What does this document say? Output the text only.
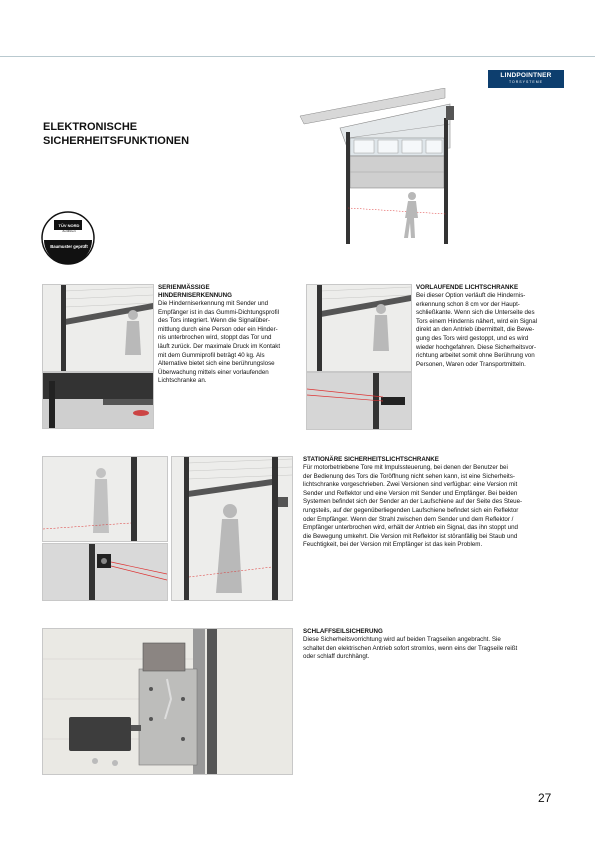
LINDPOINTNER
TORSYSTEME
ELEKTRONISCHE
SICHERHEITSFUNKTIONEN
TÜV NORD
Zertifiziert
Baumuster geprüft
SERIENMÄSSIGE
HINDERNISERKENNUNG
Die Hinderniserkennung mit Sender und
Empfänger ist in das Gummi-Dichtungsprofil
des Tors integriert. Wenn die Signalüber-
mittlung durch eine Person oder ein Hinder-
nis unterbrochen wird, stoppt das Tor und
läuft zurück. Der maximale Druck im Kontakt
mit dem Gummiprofil beträgt 40 kg. Als
Alternative bietet sich eine berührungslose
Überwachung mittels einer vorlaufenden
Lichtschranke an.
VORLAUFENDE LICHTSCHRANKE
Bei dieser Option verläuft die Hindernis-
erkennung schon 8 cm vor der Haupt-
schließkante. Wenn sich die Unterseite des
Tors einem Hindernis nähert, wird ein Signal
direkt an den Antrieb übermittelt, die Bewe-
gung des Tors wird gestoppt, und es wird
wieder hochgefahren. Diese Sicherheitsvor-
richtung arbeitet somit ohne Berührung von
Personen, Waren oder Transportmitteln.
STATIONÄRE SICHERHEITSLICHTSCHRANKE
Für motorbetriebene Tore mit Impulssteuerung, bei denen der Benutzer bei
der Bedienung des Tors die Toröffnung nicht sehen kann, ist eine Sicherheits-
lichtschranke vorgeschrieben. Zwei Versionen sind verfügbar: eine Version mit
Sender und Reflektor und eine Version mit Sender und Empfänger. Bei beiden
Systemen befindet sich der Sender an der Laufschiene auf der Seite des Steue-
rungsteils, auf der gegenüberliegenden Laufschiene befindet sich ein Reflektor
oder Empfänger. Wenn der Strahl zwischen dem Sender und dem Reflektor /
Empfänger unterbrochen wird, erhält der Antrieb ein Signal, das ihn stoppt und
die Bewegung umkehrt. Die Version mit Reflektor ist störanfällig bei Staub und
Feuchtigkeit, bei der Version mit Empfänger ist das kein Problem.
SCHLAFFSEILSICHERUNG
Diese Sicherheitsvorrichtung wird auf beiden Tragseilen angebracht. Sie
schaltet den elektrischen Antrieb sofort stromlos, wenn eins der Tragseile reißt
oder schlaff durchhängt.
27
